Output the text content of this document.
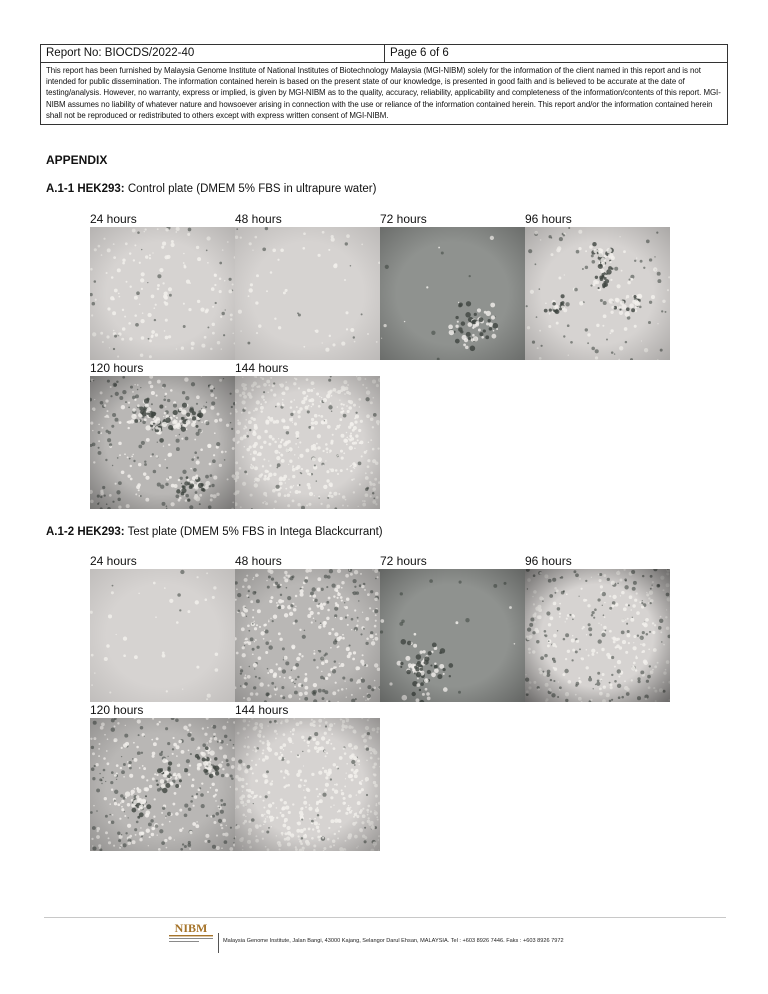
Report No: BIOCDS/2022-40	Page 6 of 6
This report has been furnished by Malaysia Genome Institute of National Institutes of Biotechnology Malaysia (MGI-NIBM) solely for the information of the client named in this report and is not intended for public dissemination. The information contained herein is based on the present state of our knowledge, is presented in good faith and is believed to be accurate at the date of testing/analysis. However, no warranty, express or implied, is given by MGI-NIBM as to the quality, accuracy, reliability, applicability and completeness of the information/contents of this report. MGI-NIBM assumes no liability of whatever nature and howsoever arising in connection with the use or reliance of the information contained herein. This report and/or the information contained herein shall not be reproduced or redistributed to others except with express written consent of MGI-NIBM.
APPENDIX
A.1-1 HEK293: Control plate (DMEM 5% FBS in ultrapure water)
24 hours	48 hours	72 hours	96 hours
120 hours	144 hours
A.1-2 HEK293: Test plate (DMEM 5% FBS in Intega Blackcurrant)
24 hours	48 hours	72 hours	96 hours
120 hours	144 hours
NIBM
Malaysia Genome Institute, Jalan Bangi, 43000 Kajang, Selangor Darul Ehsan, MALAYSIA. Tel : +603 8926 7446. Faks : +603 8926 7972
